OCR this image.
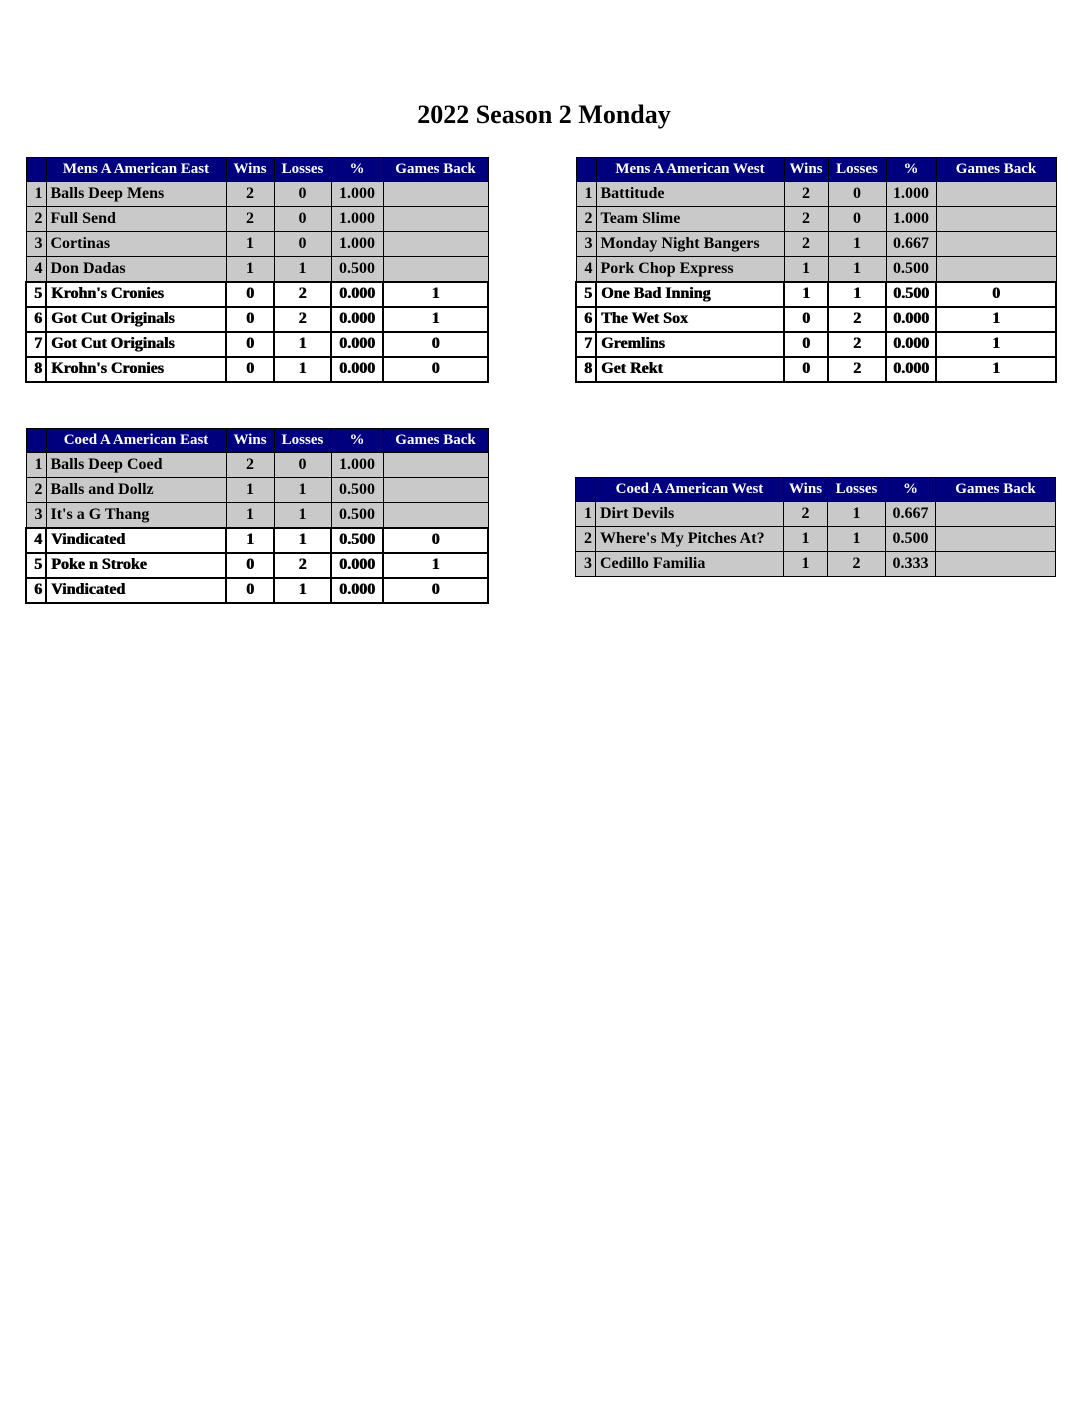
2022 Season 2 Monday
	Mens A American East	Wins	Losses	%	Games Back
1	Balls Deep Mens	2	0	1.000	
2	Full Send	2	0	1.000	
3	Cortinas	1	0	1.000	
4	Don Dadas	1	1	0.500	
5	Krohn's Cronies	0	2	0.000	1
6	Got Cut Originals	0	2	0.000	1
7	Got Cut Originals	0	1	0.000	0
8	Krohn's Cronies	0	1	0.000	0
	Mens A American West	Wins	Losses	%	Games Back
1	Battitude	2	0	1.000	
2	Team Slime	2	0	1.000	
3	Monday Night Bangers	2	1	0.667	
4	Pork Chop Express	1	1	0.500	
5	One Bad Inning	1	1	0.500	0
6	The Wet Sox	0	2	0.000	1
7	Gremlins	0	2	0.000	1
8	Get Rekt	0	2	0.000	1
	Coed A American East	Wins	Losses	%	Games Back
1	Balls Deep Coed	2	0	1.000	
2	Balls and Dollz	1	1	0.500	
3	It's a G Thang	1	1	0.500	
4	Vindicated	1	1	0.500	0
5	Poke n Stroke	0	2	0.000	1
6	Vindicated	0	1	0.000	0
	Coed A American West	Wins	Losses	%	Games Back
1	Dirt Devils	2	1	0.667	
2	Where's My Pitches At?	1	1	0.500	
3	Cedillo Familia	1	2	0.333	
